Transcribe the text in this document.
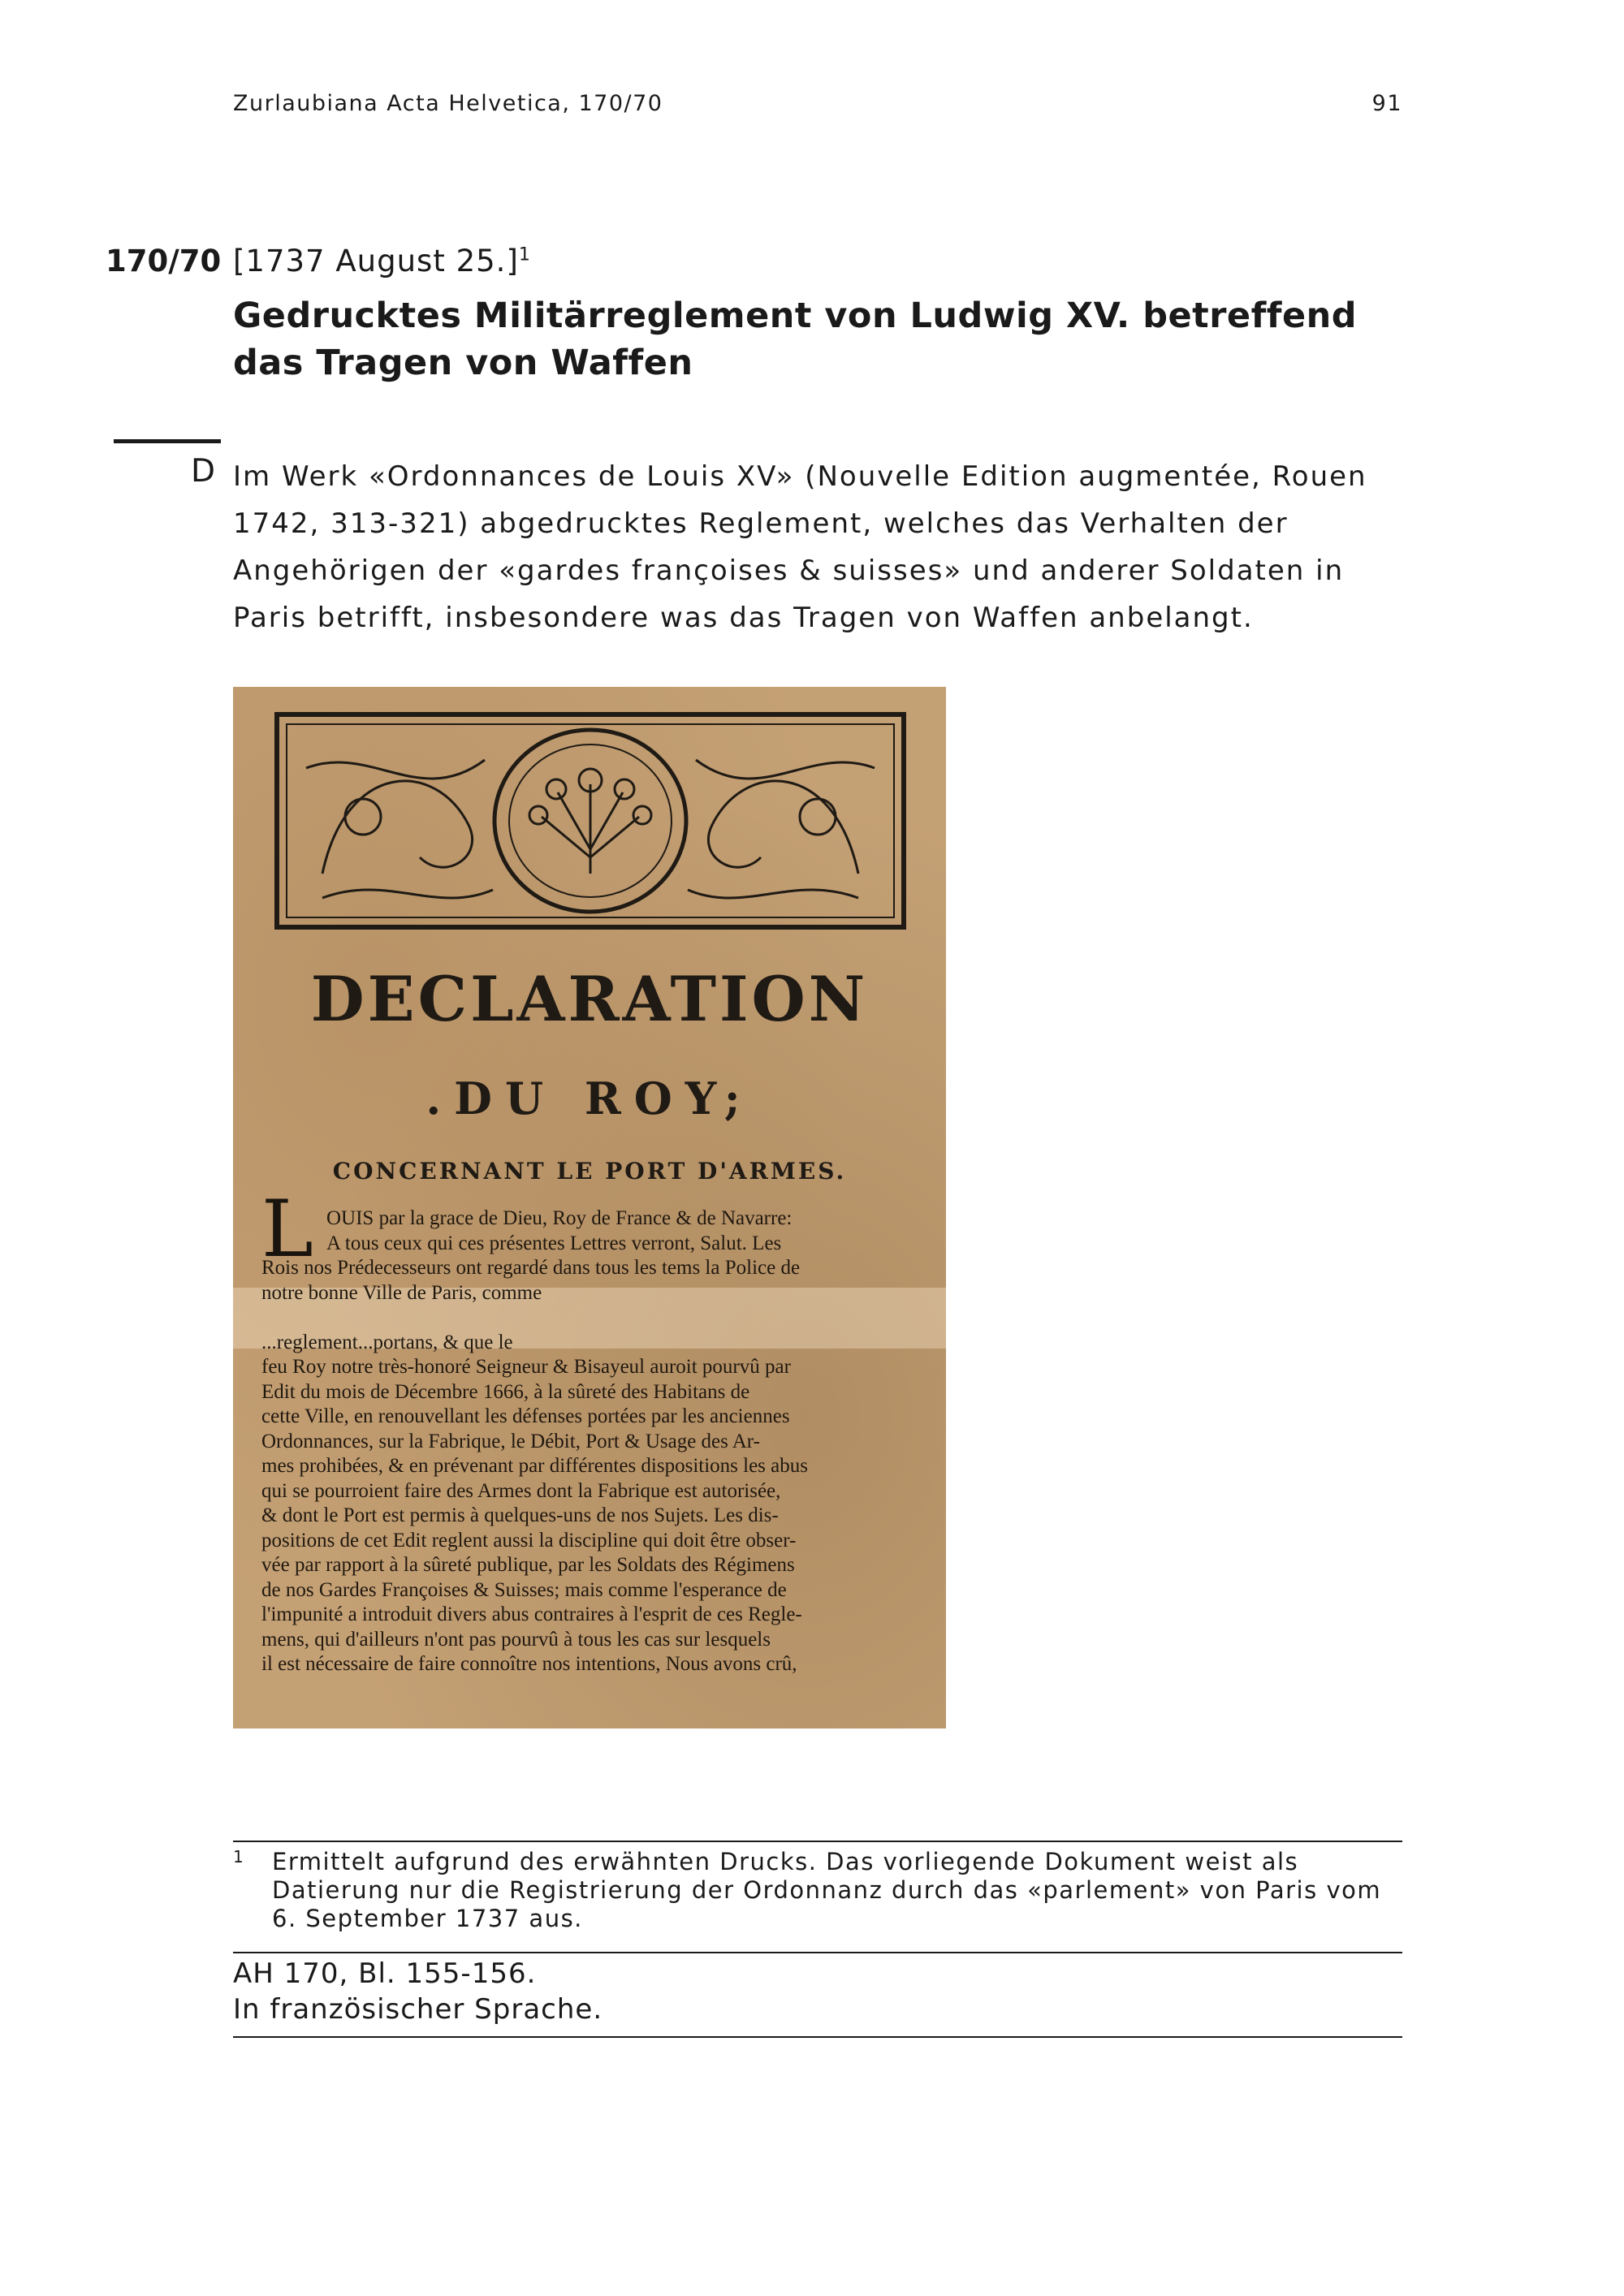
Zurlaubiana Acta Helvetica, 170/70	91
170/70 [1737 August 25.]$^1$
Gedrucktes Militärreglement von Ludwig XV. betreffend das Tragen von Waffen
D Im Werk «Ordonnances de Louis XV» (Nouvelle Edition augmentée, Rouen 1742, 313-321) abgedrucktes Reglement, welches das Verhalten der Angehörigen der «gardes françoises & suisses» und anderer Soldaten in Paris betrifft, insbesondere was das Tragen von Waffen anbelangt.
DECLARATION
.DU ROY;
CONCERNANT LE PORT D'ARMES.
L OUIS par la grace de Dieu, Roy de France & de Navarre:

A tous ceux qui ces présentes Lettres verront, Salut. Les

Rois nos Prédecesseurs ont regardé dans tous les tems la Police de

notre bonne Ville de Paris, comme

...reglement...portans, & que le

feu Roy notre très-honoré Seigneur & Bisayeul auroit pourvû par

Edit du mois de Décembre 1666, à la sûreté des Habitans de

cette Ville, en renouvellant les défenses portées par les anciennes

Ordonnances, sur la Fabrique, le Débit, Port & Usage des Ar-

mes prohibées, & en prévenant par différentes dispositions les abus

qui se pourroient faire des Armes dont la Fabrique est autorisée,

& dont le Port est permis à quelques-uns de nos Sujets. Les dis-

positions de cet Edit reglent aussi la discipline qui doit être obser-

vée par rapport à la sûreté publique, par les Soldats des Régimens

de nos Gardes Françoises & Suisses; mais comme l'esperance de

l'impunité a introduit divers abus contraires à l'esprit de ces Regle-

mens, qui d'ailleurs n'ont pas pourvû à tous les cas sur lesquels

il est nécessaire de faire connoître nos intentions, Nous avons crû,

1 Ermittelt aufgrund des erwähnten Drucks. Das vorliegende Dokument weist als Datierung nur die Registrierung der Ordonnanz durch das «parlement» von Paris vom 6. September 1737 aus.
AH 170, Bl. 155-156.
In französischer Sprache.
